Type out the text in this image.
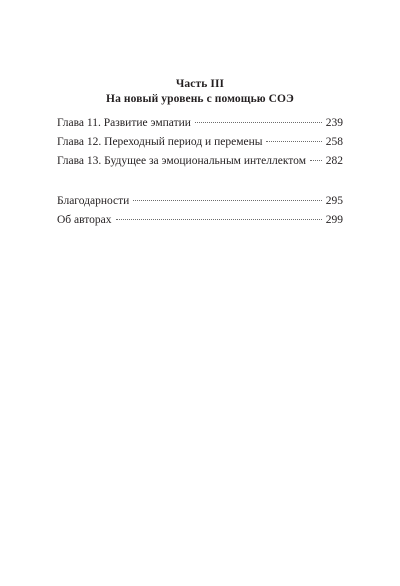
Часть III
На новый уровень с помощью СОЭ
Глава 11. Развитие эмпатии	239
Глава 12. Переходный период и перемены	258
Глава 13. Будущее за эмоциональным интеллектом 282
Благодарности	295
Об авторах	299
